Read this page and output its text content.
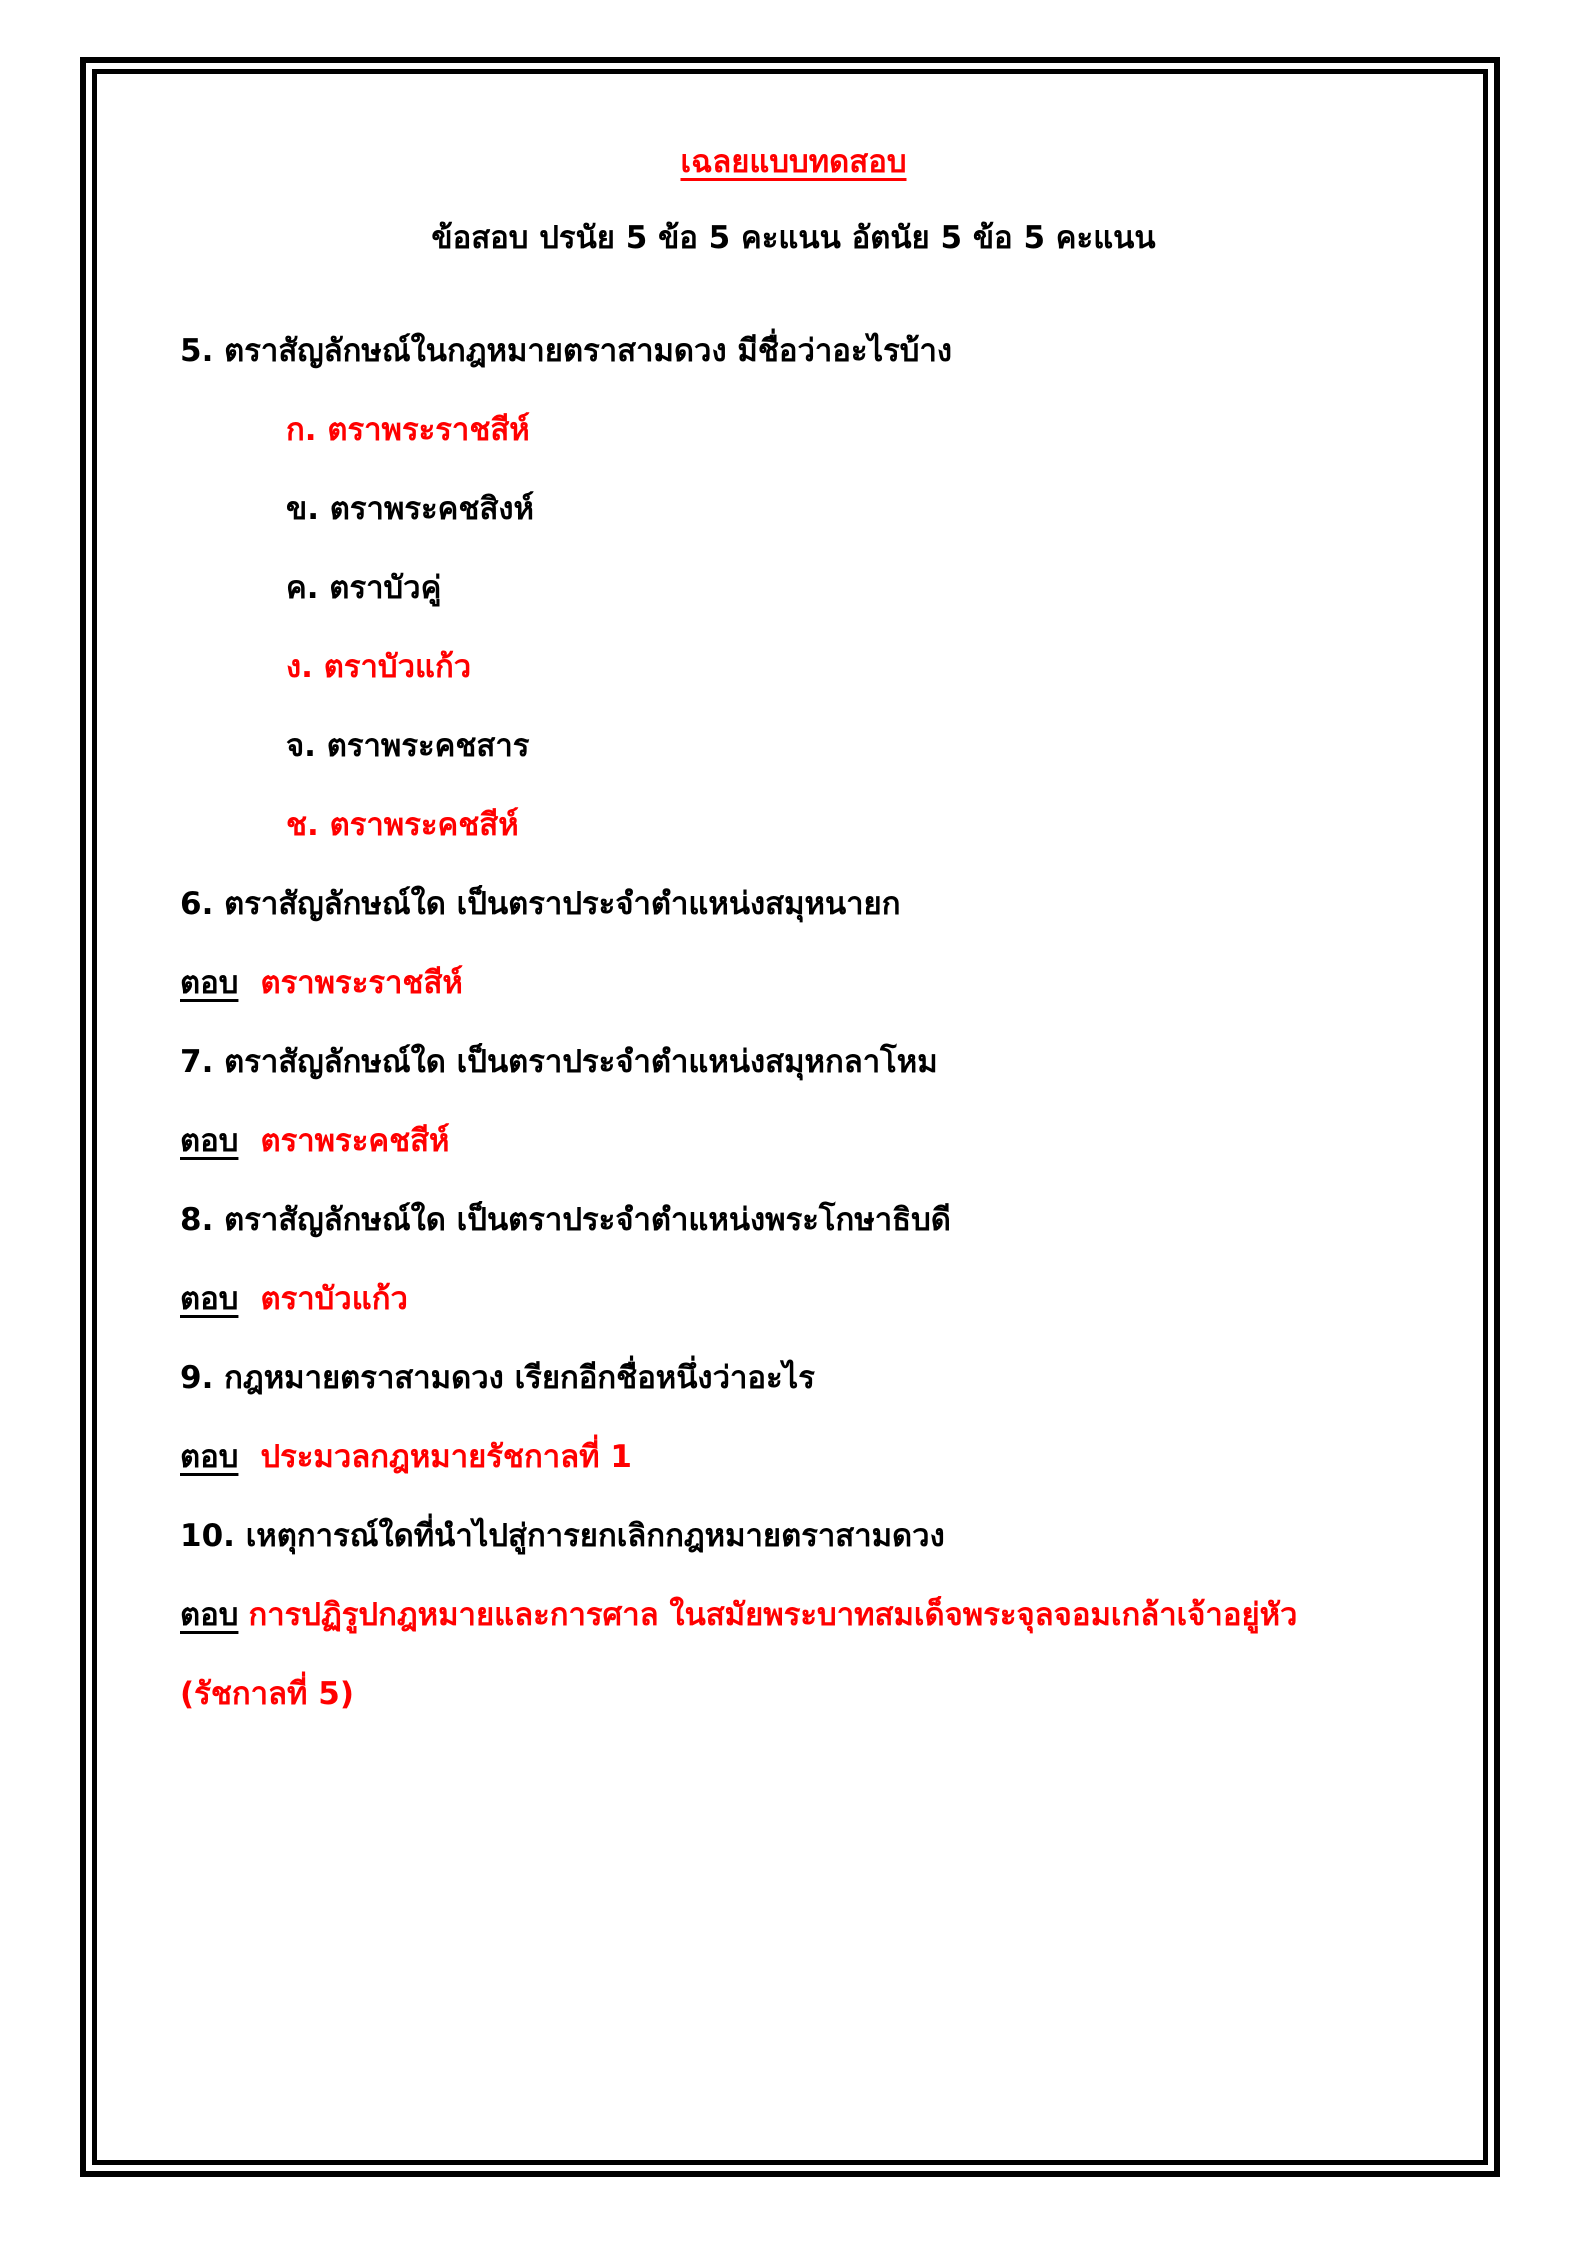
เฉลยแบบทดสอบ
ข้อสอบ ปรนัย 5 ข้อ 5 คะแนน อัตนัย 5 ข้อ 5 คะแนน
5. ตราสัญลักษณ์ในกฎหมายตราสามดวง มีชื่อว่าอะไรบ้าง
ก. ตราพระราชสีห์
ข. ตราพระคชสิงห์
ค. ตราบัวคู่
ง. ตราบัวแก้ว
จ. ตราพระคชสาร
ช. ตราพระคชสีห์
6. ตราสัญลักษณ์ใด เป็นตราประจำตำแหน่งสมุหนายก
ตอบ ตราพระราชสีห์
7. ตราสัญลักษณ์ใด เป็นตราประจำตำแหน่งสมุหกลาโหม
ตอบ ตราพระคชสีห์
8. ตราสัญลักษณ์ใด เป็นตราประจำตำแหน่งพระโกษาธิบดี
ตอบ ตราบัวแก้ว
9. กฎหมายตราสามดวง เรียกอีกชื่อหนึ่งว่าอะไร
ตอบ ประมวลกฎหมายรัชกาลที่ 1
10. เหตุการณ์ใดที่นำไปสู่การยกเลิกกฎหมายตราสามดวง
ตอบ การปฏิรูปกฎหมายและการศาล ในสมัยพระบาทสมเด็จพระจุลจอมเกล้าเจ้าอยู่หัว
(รัชกาลที่ 5)
